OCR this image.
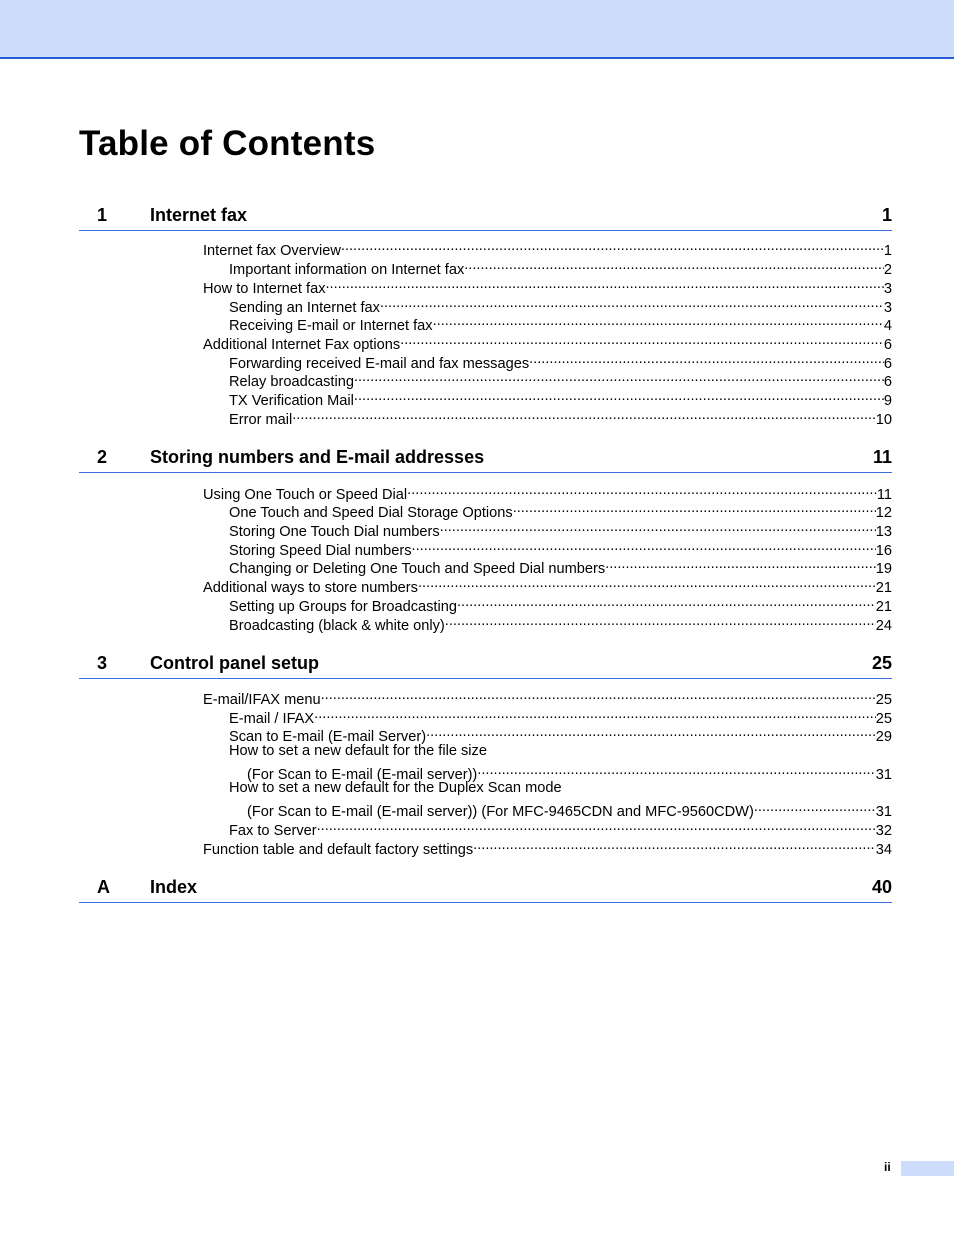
Table of Contents
1 Internet fax	1
Internet fax Overview .....	1
Important information on Internet fax .....	2
How to Internet fax .....	3
Sending an Internet fax .....	3
Receiving E-mail or Internet fax .....	4
Additional Internet Fax options .....	6
Forwarding received E-mail and fax messages .....	6
Relay broadcasting .....	6
TX Verification Mail .....	9
Error mail .....	10
2 Storing numbers and E-mail addresses	11
Using One Touch or Speed Dial .....	11
One Touch and Speed Dial Storage Options .....	12
Storing One Touch Dial numbers .....	13
Storing Speed Dial numbers .....	16
Changing or Deleting One Touch and Speed Dial numbers .....	19
Additional ways to store numbers .....	21
Setting up Groups for Broadcasting .....	21
Broadcasting (black & white only) .....	24
3 Control panel setup	25
E-mail/IFAX menu .....	25
E-mail / IFAX .....	25
Scan to E-mail (E-mail Server) .....	29
How to set a new default for the file size
(For Scan to E-mail (E-mail server)) .....	31
How to set a new default for the Duplex Scan mode
(For Scan to E-mail (E-mail server)) (For MFC-9465CDN and MFC-9560CDW) .....	31
Fax to Server .....	32
Function table and default factory settings .....	34
A Index	40
ii
